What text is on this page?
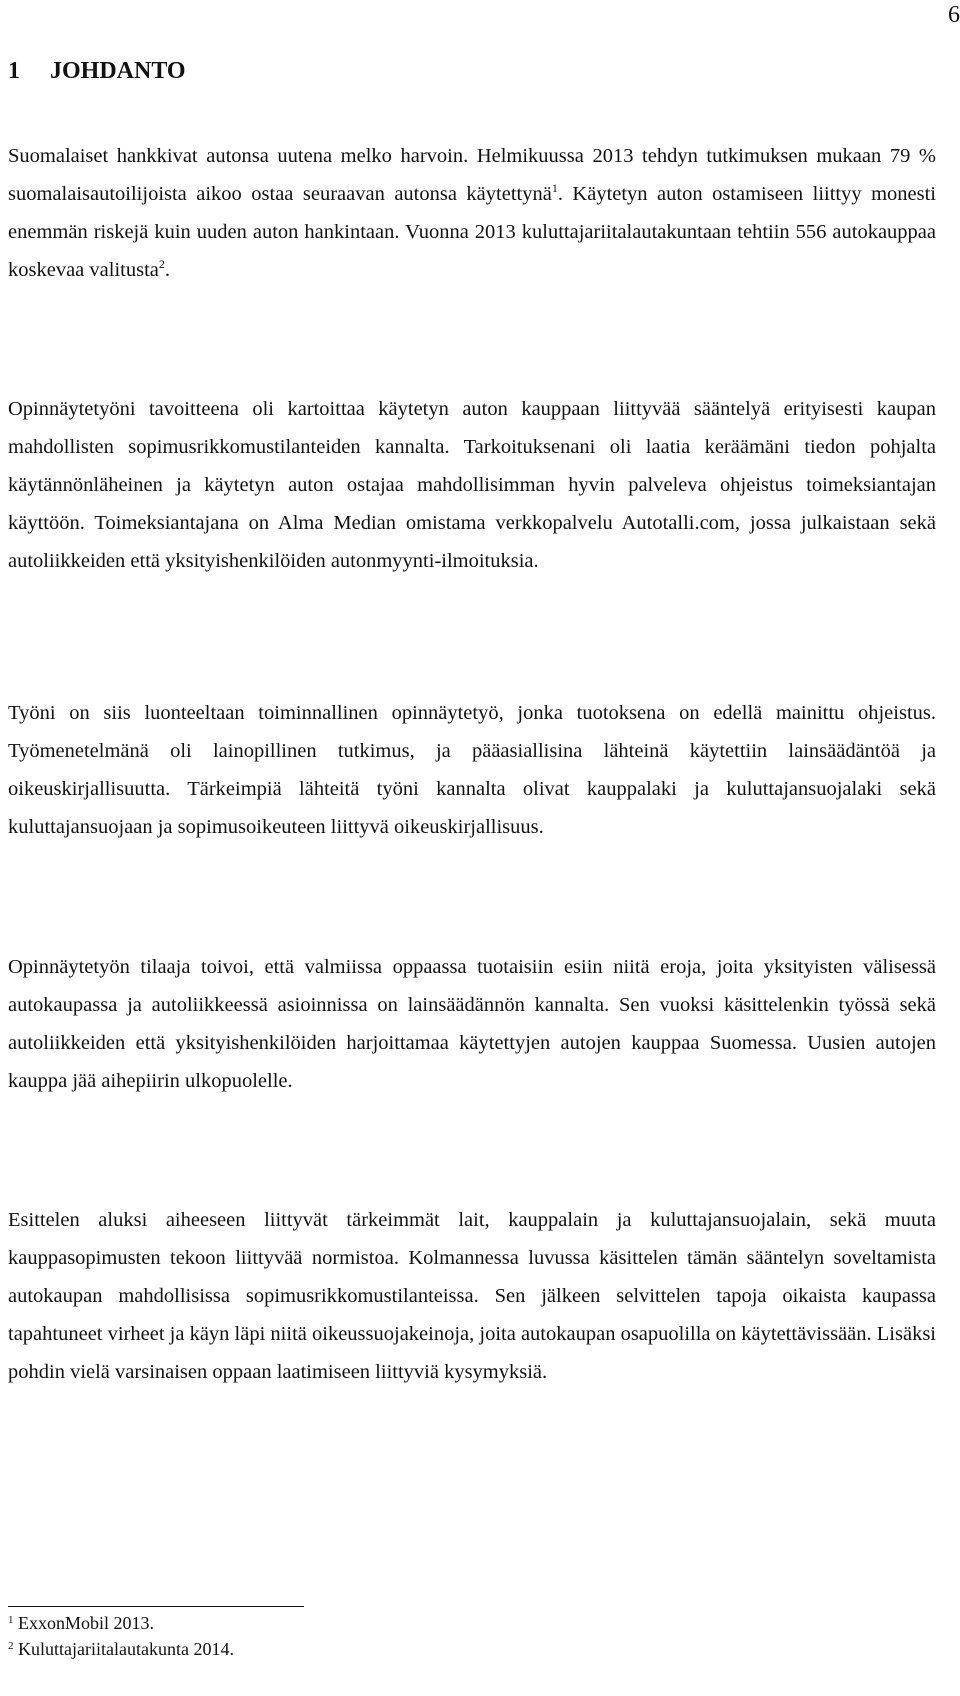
6
1 JOHDANTO

Suomalaiset hankkivat autonsa uutena melko harvoin. Helmikuussa 2013 tehdyn tutkimuksen mukaan 79 % suomalaisautoilijoista aikoo ostaa seuraavan autonsa käytettynä$^1$. Käytetyn auton ostamiseen liittyy monesti enemmän riskejä kuin uuden auton hankintaan. Vuonna 2013 kuluttajariitalautakuntaan tehtiin 556 autokauppaa koskevaa valitusta$^2$.

Opinnäytetyöni tavoitteena oli kartoittaa käytetyn auton kauppaan liittyvää sääntelyä erityisesti kaupan mahdollisten sopimusrikkomustilanteiden kannalta. Tarkoituksenani oli laatia keräämäni tiedon pohjalta käytännönläheinen ja käytetyn auton ostajaa mahdollisimman hyvin palveleva ohjeistus toimeksiantajan käyttöön. Toimeksiantajana on Alma Median omistama verkkopalvelu Autotalli.com, jossa julkaistaan sekä autoliikkeiden että yksityishenkilöiden autonmyynti-ilmoituksia.

Työni on siis luonteeltaan toiminnallinen opinnäytetyö, jonka tuotoksena on edellä mainittu ohjeistus. Työmenetelmänä oli lainopillinen tutkimus, ja pääasiallisina lähteinä käytettiin lainsäädäntöä ja oikeuskirjallisuutta. Tärkeimpiä lähteitä työni kannalta olivat kauppalaki ja kuluttajansuojalaki sekä kuluttajansuojaan ja sopimusoikeuteen liittyvä oikeuskirjallisuus.

Opinnäytetyön tilaaja toivoi, että valmiissa oppaassa tuotaisiin esiin niitä eroja, joita yksityisten välisessä autokaupassa ja autoliikkeessä asioinnissa on lainsäädännön kannalta. Sen vuoksi käsittelenkin työssä sekä autoliikkeiden että yksityishenkilöiden harjoittamaa käytettyjen autojen kauppaa Suomessa. Uusien autojen kauppa jää aihepiirin ulkopuolelle.

Esittelen aluksi aiheeseen liittyvät tärkeimmät lait, kauppalain ja kuluttajansuojalain, sekä muuta kauppasopimusten tekoon liittyvää normistoa. Kolmannessa luvussa käsittelen tämän sääntelyn soveltamista autokaupan mahdollisissa sopimusrikkomustilanteissa. Sen jälkeen selvittelen tapoja oikaista kaupassa tapahtuneet virheet ja käyn läpi niitä oikeussuojakeinoja, joita autokaupan osapuolilla on käytettävissään. Lisäksi pohdin vielä varsinaisen oppaan laatimiseen liittyviä kysymyksiä.

$^1$ ExxonMobil 2013.

$^2$ Kuluttajariitalautakunta 2014.
